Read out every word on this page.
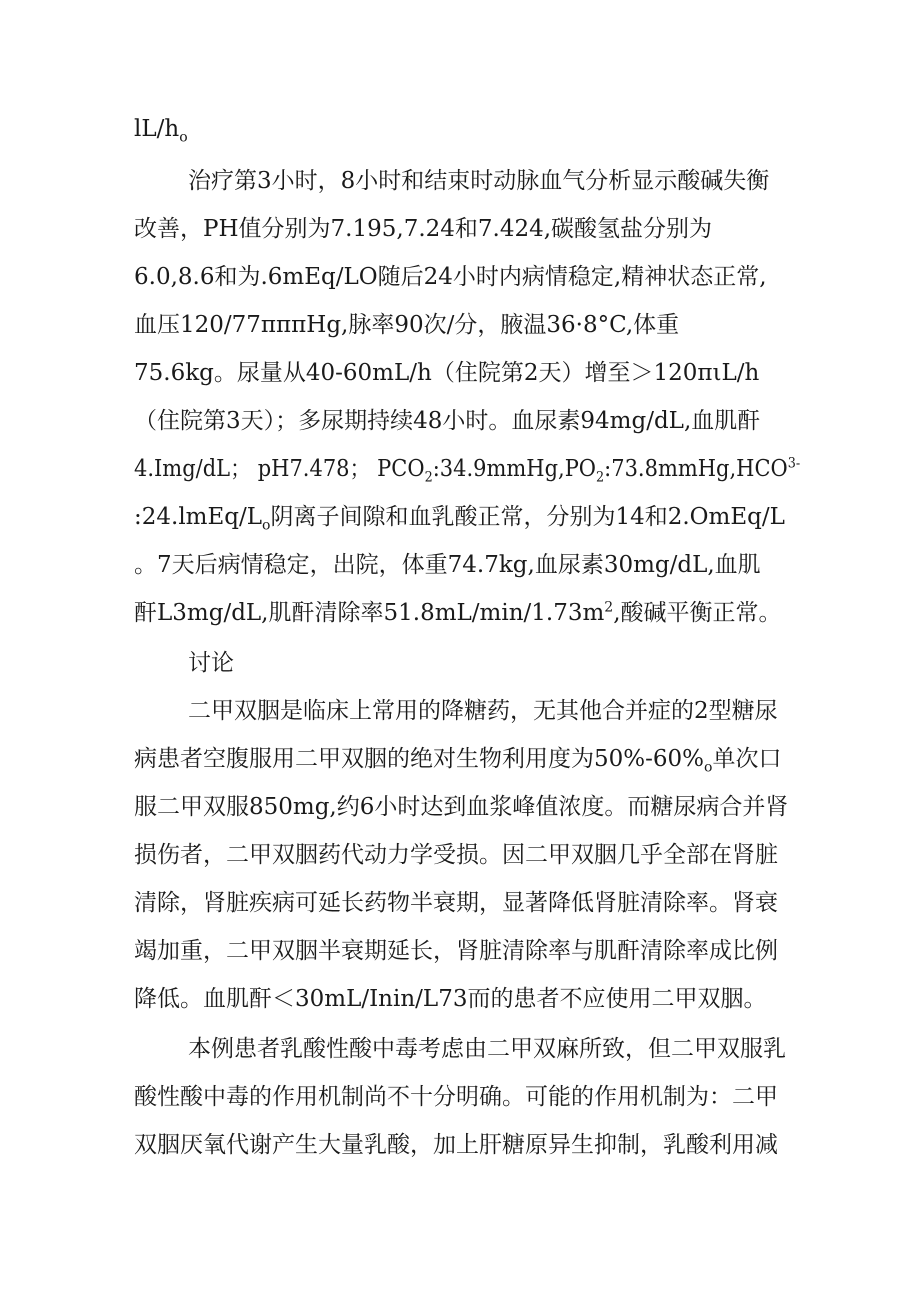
$lL/h_o$
治疗第3小时，8小时和结束时动脉血气分析显示酸碱失衡
改善，PH值分别为7.195,7.24和7.424,碳酸氢盐分别为
6.0,8.6和为.6mEq/LO随后24小时内病情稳定,精神状态正常,
血压120/77πππHg,脉率90次/分，腋温36·8°C,体重
75.6kg。尿量从40-60mL/h（住院第2天）增至＞120πιL/h
（住院第3天）；多尿期持续48小时。血尿素94mg/dL,血肌酐
4.Img/dL； pH7.478； $PCO_2:34.9mmHg,PO_2:73.8mmHg,HCO^{3-}$
$:24.lmEq/L_o$阴离子间隙和血乳酸正常，分别为14和2.OmEq/L
。7天后病情稳定，出院，体重74.7kg,血尿素30mg/dL,血肌
酐L3mg/dL,肌酐清除率$51.8mL/\min/1.73m^2$,酸碱平衡正常。
讨论
二甲双胭是临床上常用的降糖药，无其他合并症的2型糖尿
病患者空腹服用二甲双胭的绝对生物利用度为$50\%-60\%_o$单次口
服二甲双服850mg,约6小时达到血浆峰值浓度。而糖尿病合并肾
损伤者，二甲双胭药代动力学受损。因二甲双胭几乎全部在肾脏
清除，肾脏疾病可延长药物半衰期，显著降低肾脏清除率。肾衰
竭加重，二甲双胭半衰期延长，肾脏清除率与肌酐清除率成比例
降低。血肌酐＜30mL/Inin/L73而的患者不应使用二甲双胭。
本例患者乳酸性酸中毒考虑由二甲双麻所致，但二甲双服乳
酸性酸中毒的作用机制尚不十分明确。可能的作用机制为：二甲
双胭厌氧代谢产生大量乳酸，加上肝糖原异生抑制，乳酸利用减
